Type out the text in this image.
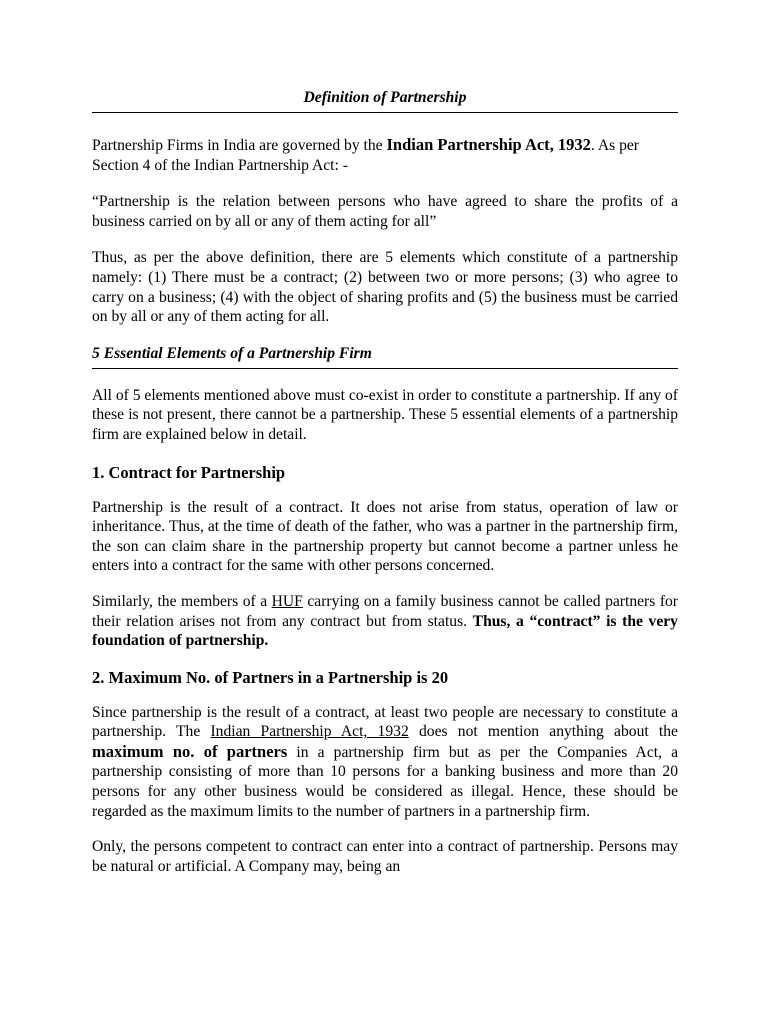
Definition of Partnership

Partnership Firms in India are governed by the Indian Partnership Act, 1932. As per Section 4 of the Indian Partnership Act: -

“Partnership is the relation between persons who have agreed to share the profits of a business carried on by all or any of them acting for all”

Thus, as per the above definition, there are 5 elements which constitute of a partnership namely: (1) There must be a contract; (2) between two or more persons; (3) who agree to carry on a business; (4) with the object of sharing profits and (5) the business must be carried on by all or any of them acting for all.

5 Essential Elements of a Partnership Firm

All of 5 elements mentioned above must co-exist in order to constitute a partnership. If any of these is not present, there cannot be a partnership. These 5 essential elements of a partnership firm are explained below in detail.

1. Contract for Partnership

Partnership is the result of a contract. It does not arise from status, operation of law or inheritance. Thus, at the time of death of the father, who was a partner in the partnership firm, the son can claim share in the partnership property but cannot become a partner unless he enters into a contract for the same with other persons concerned.

Similarly, the members of a HUF carrying on a family business cannot be called partners for their relation arises not from any contract but from status. Thus, a “contract” is the very foundation of partnership.

2. Maximum No. of Partners in a Partnership is 20

Since partnership is the result of a contract, at least two people are necessary to constitute a partnership. The Indian Partnership Act, 1932 does not mention anything about the maximum no. of partners in a partnership firm but as per the Companies Act, a partnership consisting of more than 10 persons for a banking business and more than 20 persons for any other business would be considered as illegal. Hence, these should be regarded as the maximum limits to the number of partners in a partnership firm.

Only, the persons competent to contract can enter into a contract of partnership. Persons may be natural or artificial. A Company may, being an
